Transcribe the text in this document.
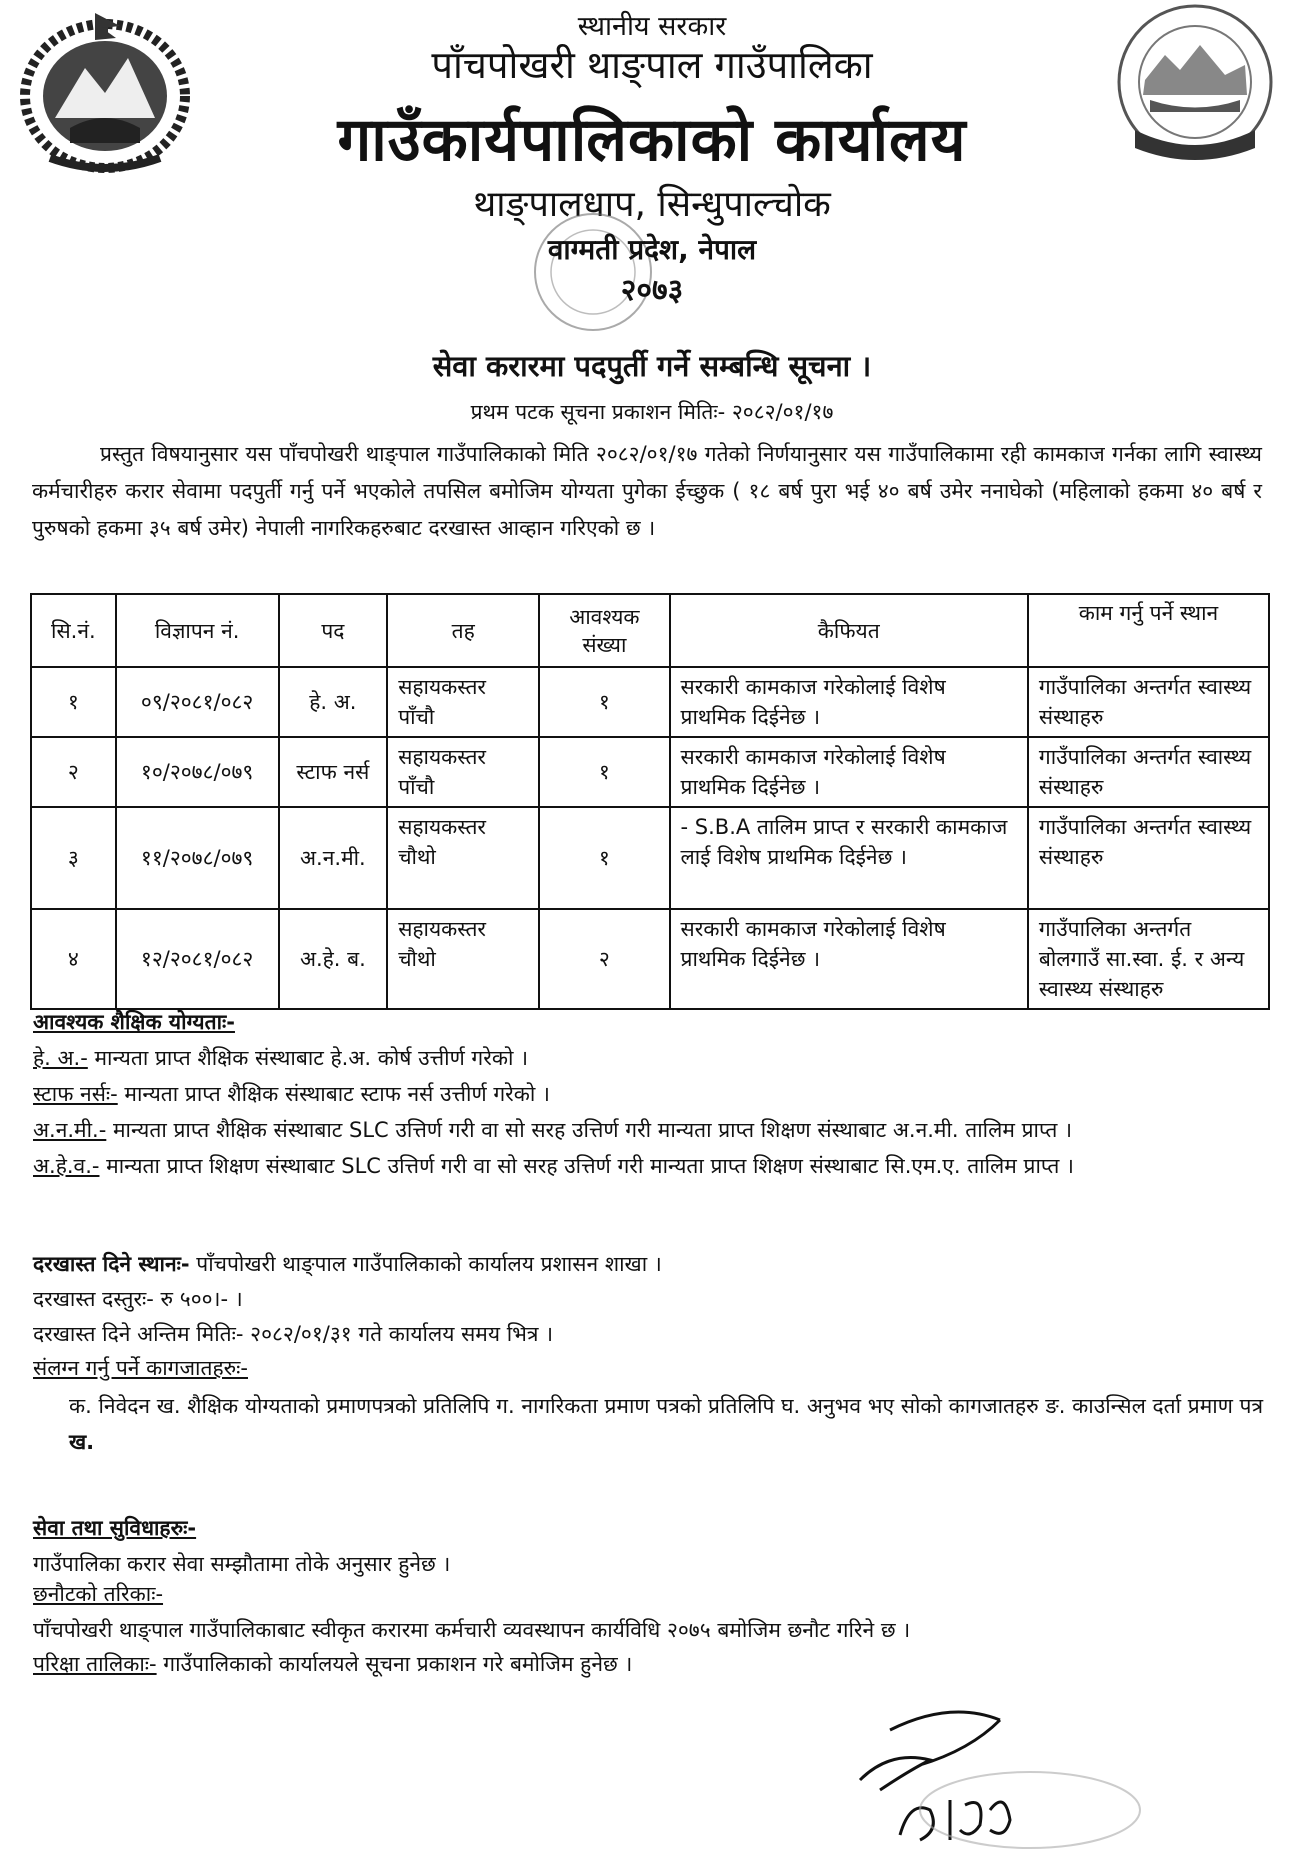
स्थानीय सरकार
पाँचपोखरी थाङ्पाल गाउँपालिका
गाउँकार्यपालिकाको कार्यालय
थाङ्पालधाप, सिन्धुपाल्चोक
वाग्मती प्रदेश, नेपाल
२०७३
सेवा करारमा पदपुर्ती गर्ने सम्बन्धि सूचना ।
प्रथम पटक सूचना प्रकाशन मितिः- २०८२/०१/१७
प्रस्तुत विषयानुसार यस पाँचपोखरी थाङ्पाल गाउँपालिकाको मिति २०८२/०१/१७ गतेको निर्णयानुसार यस गाउँपालिकामा रही कामकाज गर्नका लागि स्वास्थ्य कर्मचारीहरु करार सेवामा पदपुर्ती गर्नु पर्ने भएकोले तपसिल बमोजिम योग्यता पुगेका ईच्छुक ( १८ बर्ष पुरा भई ४० बर्ष उमेर ननाघेको (महिलाको हकमा ४० बर्ष र पुरुषको हकमा ३५ बर्ष उमेर) नेपाली नागरिकहरुबाट दरखास्त आव्हान गरिएको छ ।
सि.नं.	विज्ञापन नं.	पद	तह	आवश्यक संख्या	कैफियत	काम गर्नु पर्ने स्थान
१	०९/२०८१/०८२	हे. अ.	सहायकस्तर पाँचौ	१	सरकारी कामकाज गरेकोलाई विशेष प्राथमिक दिईनेछ ।	गाउँपालिका अन्तर्गत स्वास्थ्य संस्थाहरु
२	१०/२०७८/०७९	स्टाफ नर्स	सहायकस्तर पाँचौ	१	सरकारी कामकाज गरेकोलाई विशेष प्राथमिक दिईनेछ ।	गाउँपालिका अन्तर्गत स्वास्थ्य संस्थाहरु
३	११/२०७८/०७९	अ.न.मी.	सहायकस्तर चौथो	१	- S.B.A तालिम प्राप्त र सरकारी कामकाज लाई विशेष प्राथमिक दिईनेछ ।	गाउँपालिका अन्तर्गत स्वास्थ्य संस्थाहरु
४	१२/२०८१/०८२	अ.हे. ब.	सहायकस्तर चौथो	२	सरकारी कामकाज गरेकोलाई विशेष प्राथमिक दिईनेछ ।	गाउँपालिका अन्तर्गत बोलगाउँ सा.स्वा. ई. र अन्य स्वास्थ्य संस्थाहरु
आवश्यक शैक्षिक योग्यताः-
हे. अ.- मान्यता प्राप्त शैक्षिक संस्थाबाट हे.अ. कोर्ष उत्तीर्ण गरेको ।
स्टाफ नर्सः- मान्यता प्राप्त शैक्षिक संस्थाबाट स्टाफ नर्स उत्तीर्ण गरेको ।
अ.न.मी.- मान्यता प्राप्त शैक्षिक संस्थाबाट SLC उत्तिर्ण गरी वा सो सरह उत्तिर्ण गरी मान्यता प्राप्त शिक्षण संस्थाबाट अ.न.मी. तालिम प्राप्त ।
अ.हे.व.- मान्यता प्राप्त शिक्षण संस्थाबाट SLC उत्तिर्ण गरी वा सो सरह उत्तिर्ण गरी मान्यता प्राप्त शिक्षण संस्थाबाट सि.एम.ए. तालिम प्राप्त ।
दरखास्त दिने स्थानः- पाँचपोखरी थाङ्पाल गाउँपालिकाको कार्यालय प्रशासन शाखा ।
दरखास्त दस्तुरः- रु ५००।- ।
दरखास्त दिने अन्तिम मितिः- २०८२/०१/३१ गते कार्यालय समय भित्र ।
संलग्न गर्नु पर्ने कागजातहरुः-
क. निवेदन ख. शैक्षिक योग्यताको प्रमाणपत्रको प्रतिलिपि ग. नागरिकता प्रमाण पत्रको प्रतिलिपि घ. अनुभव भए सोको कागजातहरु ङ. काउन्सिल दर्ता प्रमाण पत्र
ख.
सेवा तथा सुविधाहरुः-
गाउँपालिका करार सेवा सम्झौतामा तोके अनुसार हुनेछ ।
छनौटको तरिकाः-
पाँचपोखरी थाङ्पाल गाउँपालिकाबाट स्वीकृत करारमा कर्मचारी व्यवस्थापन कार्यविधि २०७५ बमोजिम छनौट गरिने छ ।
परिक्षा तालिकाः- गाउँपालिकाको कार्यालयले सूचना प्रकाशन गरे बमोजिम हुनेछ ।
